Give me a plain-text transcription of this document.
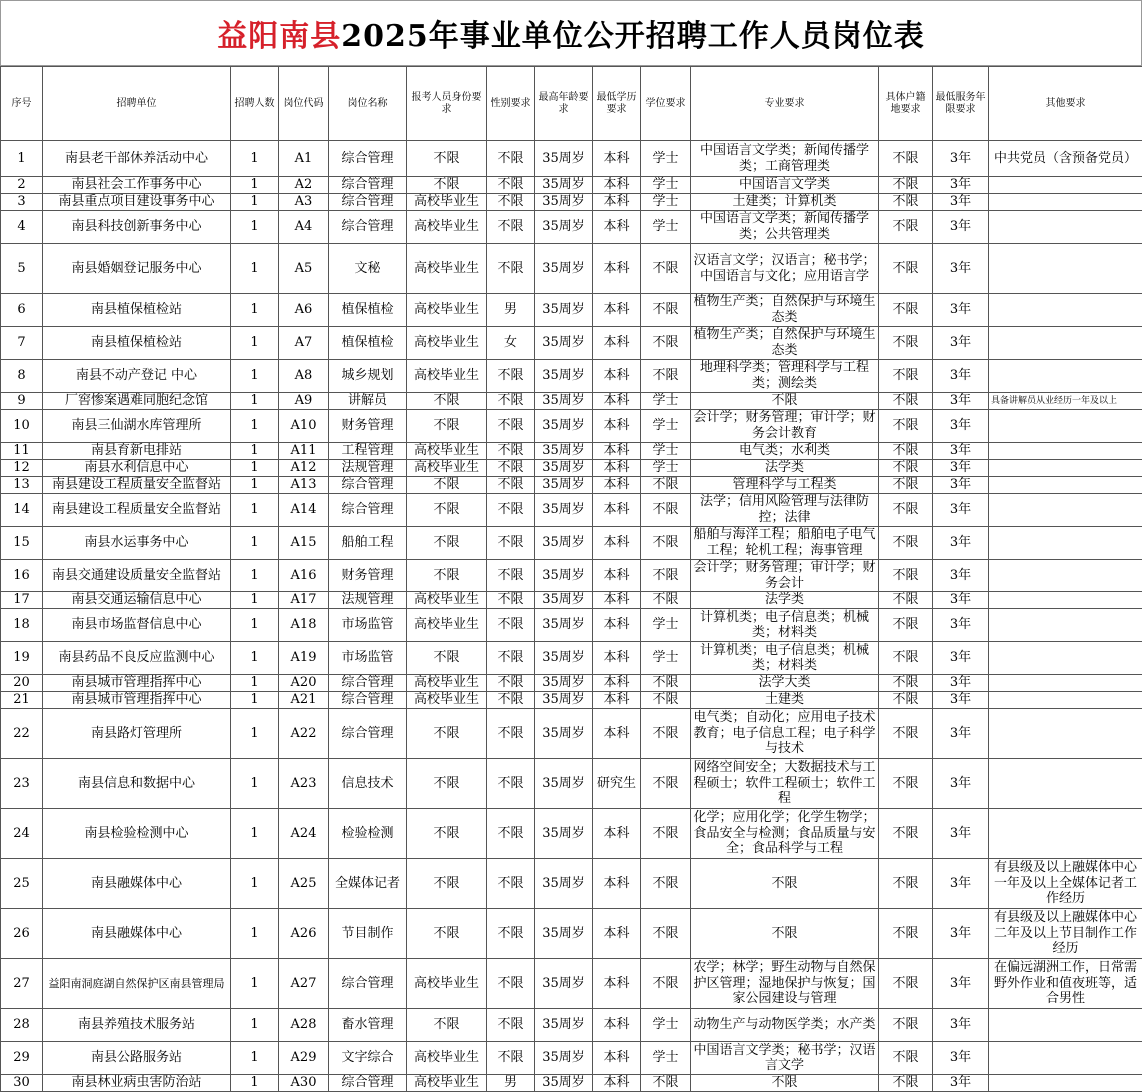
益阳南县 2025年事业单位公开招聘工作人员岗位表
序号	招聘单位	招聘人数	岗位代码	岗位名称	报考人员身份要求	性别要求	最高年龄要求	最低学历要求	学位要求	专业要求	具体户籍地要求	最低服务年限要求	其他要求
1	南县老干部休养活动中心	1	A1	综合管理	不限	不限	35周岁	本科	学士	中国语言文学类；新闻传播学类；工商管理类	不限	3年	中共党员（含预备党员）
2	南县社会工作事务中心	1	A2	综合管理	不限	不限	35周岁	本科	学士	中国语言文学类	不限	3年	
3	南县重点项目建设事务中心	1	A3	综合管理	高校毕业生	不限	35周岁	本科	学士	土建类；计算机类	不限	3年	
4	南县科技创新事务中心	1	A4	综合管理	高校毕业生	不限	35周岁	本科	学士	中国语言文学类；新闻传播学类；公共管理类	不限	3年	
5	南县婚姻登记服务中心	1	A5	文秘	高校毕业生	不限	35周岁	本科	不限	汉语言文学；汉语言；秘书学；中国语言与文化；应用语言学	不限	3年	
6	南县植保植检站	1	A6	植保植检	高校毕业生	男	35周岁	本科	不限	植物生产类；自然保护与环境生态类	不限	3年	
7	南县植保植检站	1	A7	植保植检	高校毕业生	女	35周岁	本科	不限	植物生产类；自然保护与环境生态类	不限	3年	
8	南县不动产登记 中心	1	A8	城乡规划	高校毕业生	不限	35周岁	本科	不限	地理科学类；管理科学与工程类；测绘类	不限	3年	
9	厂窖惨案遇难同胞纪念馆	1	A9	讲解员	不限	不限	35周岁	本科	学士	不限	不限	3年	具备讲解员从业经历一年及以上
10	南县三仙湖水库管理所	1	A10	财务管理	不限	不限	35周岁	本科	学士	会计学；财务管理；审计学；财务会计教育	不限	3年	
11	南县育新电排站	1	A11	工程管理	高校毕业生	不限	35周岁	本科	学士	电气类；水利类	不限	3年	
12	南县水利信息中心	1	A12	法规管理	高校毕业生	不限	35周岁	本科	学士	法学类	不限	3年	
13	南县建设工程质量安全监督站	1	A13	综合管理	不限	不限	35周岁	本科	不限	管理科学与工程类	不限	3年	
14	南县建设工程质量安全监督站	1	A14	综合管理	不限	不限	35周岁	本科	不限	法学；信用风险管理与法律防控；法律	不限	3年	
15	南县水运事务中心	1	A15	船舶工程	不限	不限	35周岁	本科	不限	船舶与海洋工程；船舶电子电气工程；轮机工程；海事管理	不限	3年	
16	南县交通建设质量安全监督站	1	A16	财务管理	不限	不限	35周岁	本科	不限	会计学；财务管理；审计学；财务会计	不限	3年	
17	南县交通运输信息中心	1	A17	法规管理	高校毕业生	不限	35周岁	本科	不限	法学类	不限	3年	
18	南县市场监督信息中心	1	A18	市场监管	高校毕业生	不限	35周岁	本科	学士	计算机类；电子信息类；机械类；材料类	不限	3年	
19	南县药品不良反应监测中心	1	A19	市场监管	不限	不限	35周岁	本科	学士	计算机类；电子信息类；机械类；材料类	不限	3年	
20	南县城市管理指挥中心	1	A20	综合管理	高校毕业生	不限	35周岁	本科	不限	法学大类	不限	3年	
21	南县城市管理指挥中心	1	A21	综合管理	高校毕业生	不限	35周岁	本科	不限	土建类	不限	3年	
22	南县路灯管理所	1	A22	综合管理	不限	不限	35周岁	本科	不限	电气类；自动化；应用电子技术教育；电子信息工程；电子科学与技术	不限	3年	
23	南县信息和数据中心	1	A23	信息技术	不限	不限	35周岁	研究生	不限	网络空间安全；大数据技术与工程硕士；软件工程硕士；软件工程	不限	3年	
24	南县检验检测中心	1	A24	检验检测	不限	不限	35周岁	本科	不限	化学；应用化学；化学生物学；食品安全与检测；食品质量与安全；食品科学与工程	不限	3年	
25	南县融媒体中心	1	A25	全媒体记者	不限	不限	35周岁	本科	不限	不限	不限	3年	有县级及以上融媒体中心一年及以上全媒体记者工作经历
26	南县融媒体中心	1	A26	节目制作	不限	不限	35周岁	本科	不限	不限	不限	3年	有县级及以上融媒体中心二年及以上节目制作工作经历
27	益阳南洞庭湖自然保护区南县管理局	1	A27	综合管理	高校毕业生	不限	35周岁	本科	不限	农学；林学；野生动物与自然保护区管理；湿地保护与恢复；国家公园建设与管理	不限	3年	在偏远湖洲工作，日常需野外作业和值夜班等，适合男性
28	南县养殖技术服务站	1	A28	畜水管理	不限	不限	35周岁	本科	学士	动物生产与动物医学类；水产类	不限	3年	
29	南县公路服务站	1	A29	文字综合	高校毕业生	不限	35周岁	本科	学士	中国语言文学类；秘书学；汉语言文学	不限	3年	
30	南县林业病虫害防治站	1	A30	综合管理	高校毕业生	男	35周岁	本科	不限	不限	不限	3年	
